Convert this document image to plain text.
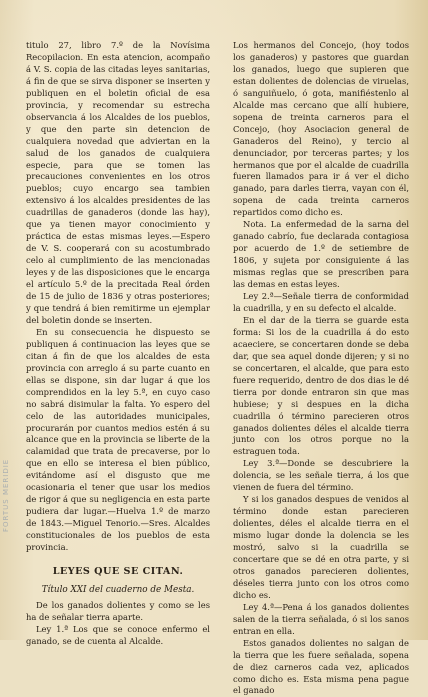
FORTUS MERIDIE

titulo 27, libro 7.º de la Novísima Recopilacion. En esta atencion, acompaño á V. S. copia de las citadas leyes sanitarias, á fin de que se sirva disponer se inserten y publiquen en el boletin oficial de esa provincia, y recomendar su estrecha observancia á los Alcaldes de los pueblos, y que den parte sin detencion de cualquiera novedad que adviertan en la salud de los ganados de cualquiera especie, para que se tomen las precauciones convenientes en los otros pueblos; cuyo encargo sea tambien extensivo á los alcaldes presidentes de las cuadrillas de ganaderos (donde las hay), que ya tienen mayor conocimiento y práctica de estas mismas leyes.—Espero de V. S. cooperará con su acostumbrado celo al cumplimiento de las mencionadas leyes y de las disposiciones que le encarga el artículo 5.º de la precitada Real órden de 15 de julio de 1836 y otras posteriores; y que tendrá á bien remitirme un ejemplar del boletin donde se inserten.

En su consecuencia he dispuesto se publiquen á continuacion las leyes que se citan á fin de que los alcaldes de esta provincia con arreglo á su parte cuanto en ellas se dispone, sin dar lugar á que los comprendidos en la ley 5.ª, en cuyo caso no sabrá disimular la falta. Yo espero del celo de las autoridades municipales, procurarán por cuantos medios estén á su alcance que en la provincia se liberte de la calamidad que trata de precaverse, por lo que en ello se interesa el bien público, evitándome así el disgusto que me ocasionaria el tener que usar los medios de rigor á que su negligencia en esta parte pudiera dar lugar.—Huelva 1.º de marzo de 1843.—Miguel Tenorio.—Sres. Alcaldes constitucionales de los pueblos de esta provincia.

LEYES QUE SE CITAN.
Título XXI del cuaderno de Mesta.

De los ganados dolientes y como se les ha de señalar tierra aparte.

Ley 1.ª Los que se conoce enfermo el ganado, se de cuenta al Alcalde.

Los hermanos del Concejo, (hoy todos los ganaderos) y pastores que guardan los ganados, luego que supieren que estan dolientes de dolencias de viruelas, ó sanguiñuelo, ó gota, manifiéstenlo al Alcalde mas cercano que allí hubiere, sopena de treinta carneros para el Concejo, (hoy Asociacion general de Ganaderos del Reino), y tercio al denunciador, por terceras partes; y los hermanos que por el alcalde de cuadrilla fueren llamados para ir á ver el dicho ganado, para darles tierra, vayan con él, sopena de cada treinta carneros repartidos como dicho es.

Nota. La enfermedad de la sarna del ganado cabrío, fue declarada contagiosa por acuerdo de 1.º de setiembre de 1806, y sujeta por consiguiente á las mismas reglas que se prescriben para las demas en estas leyes.

Ley 2.ª—Señale tierra de conformidad la cuadrilla, y en su defecto el alcalde.

En el dar de la tierra se guarde esta forma: Si los de la cuadrilla á do esto acaeciere, se concertaren donde se deba dar, que sea aquel donde dijeren; y si no se concertaren, el alcalde, que para esto fuere requerido, dentro de dos dias le dé tierra por donde entraron sin que mas hubiese; y si despues en la dicha cuadrilla ó término parecieren otros ganados dolientes déles el alcalde tierra junto con los otros porque no la estraguen toda.

Ley 3.ª—Donde se descubriere la dolencia, se les señale tierra, á los que vienen de fuera del término.

Y si los ganados despues de venidos al término donde estan parecieren dolientes, déles el alcalde tierra en el mismo lugar donde la dolencia se les mostró, salvo si la cuadrilla se concertare que se dé en otra parte, y si otros ganados parecieren dolientes, déseles tierra junto con los otros como dicho es.

Ley 4.ª—Pena á los ganados dolientes salen de la tierra señalada, ó si los sanos entran en ella.

Estos ganados dolientes no salgan de la tierra que les fuere señalada, sopena de diez carneros cada vez, aplicados como dicho es. Esta misma pena pague el ganado
